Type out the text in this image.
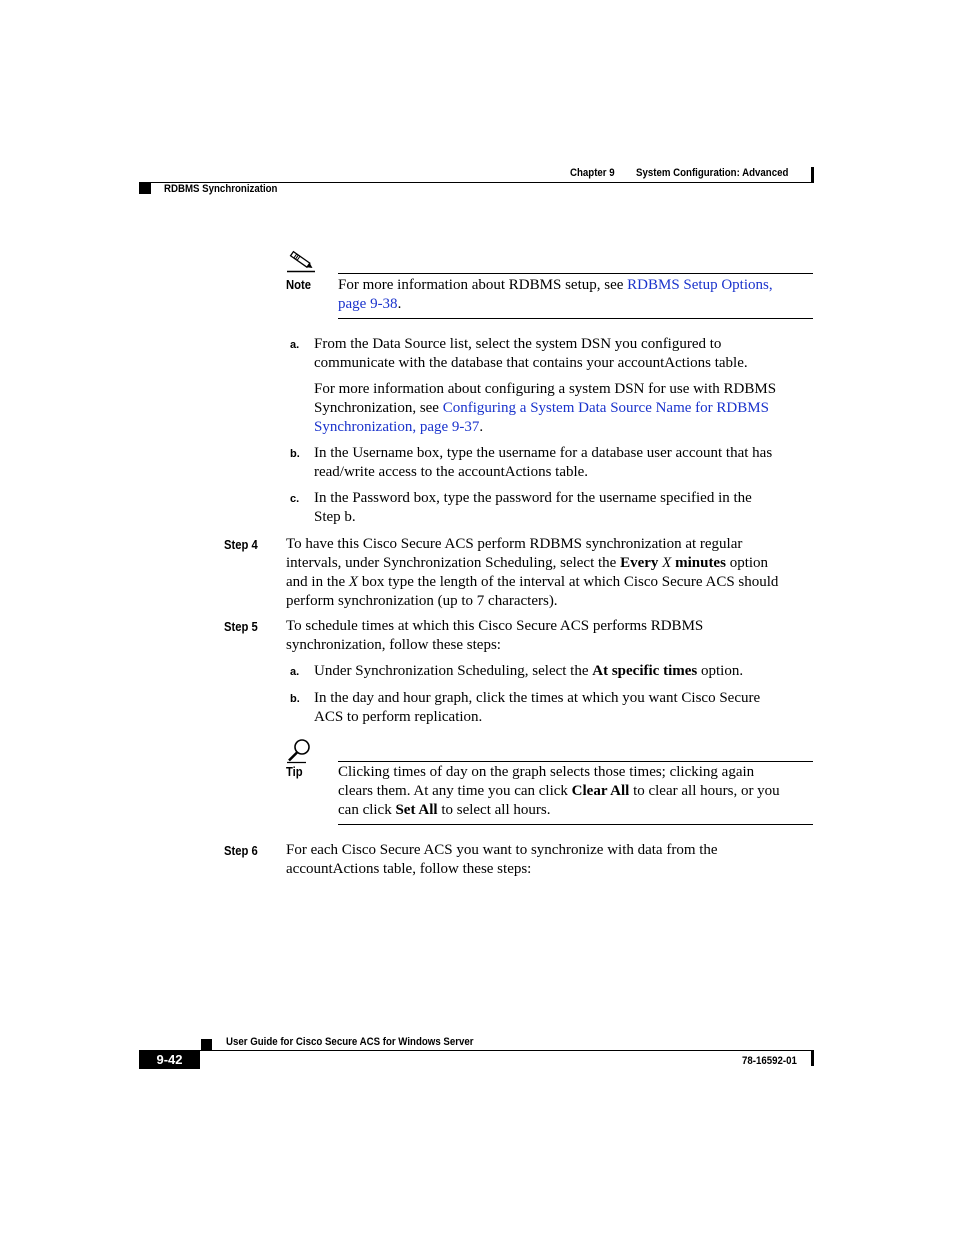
Chapter 9 System Configuration: Advanced
RDBMS Synchronization
Note For more information about RDBMS setup, see RDBMS Setup Options,
page 9-38.
a. From the Data Source list, select the system DSN you configured to
communicate with the database that contains your accountActions table.
For more information about configuring a system DSN for use with RDBMS
Synchronization, see Configuring a System Data Source Name for RDBMS
Synchronization, page 9-37.
b. In the Username box, type the username for a database user account that has
read/write access to the accountActions table.
c. In the Password box, type the password for the username specified in the
Step b.
Step 4 To have this Cisco Secure ACS perform RDBMS synchronization at regular
intervals, under Synchronization Scheduling, select the Every X minutes option
and in the X box type the length of the interval at which Cisco Secure ACS should
perform synchronization (up to 7 characters).
Step 5 To schedule times at which this Cisco Secure ACS performs RDBMS
synchronization, follow these steps:
a. Under Synchronization Scheduling, select the At specific times option.
b. In the day and hour graph, click the times at which you want Cisco Secure
ACS to perform replication.
Tip Clicking times of day on the graph selects those times; clicking again
clears them. At any time you can click Clear All to clear all hours, or you
can click Set All to select all hours.
Step 6 For each Cisco Secure ACS you want to synchronize with data from the
accountActions table, follow these steps:
User Guide for Cisco Secure ACS for Windows Server
9-42	78-16592-01
